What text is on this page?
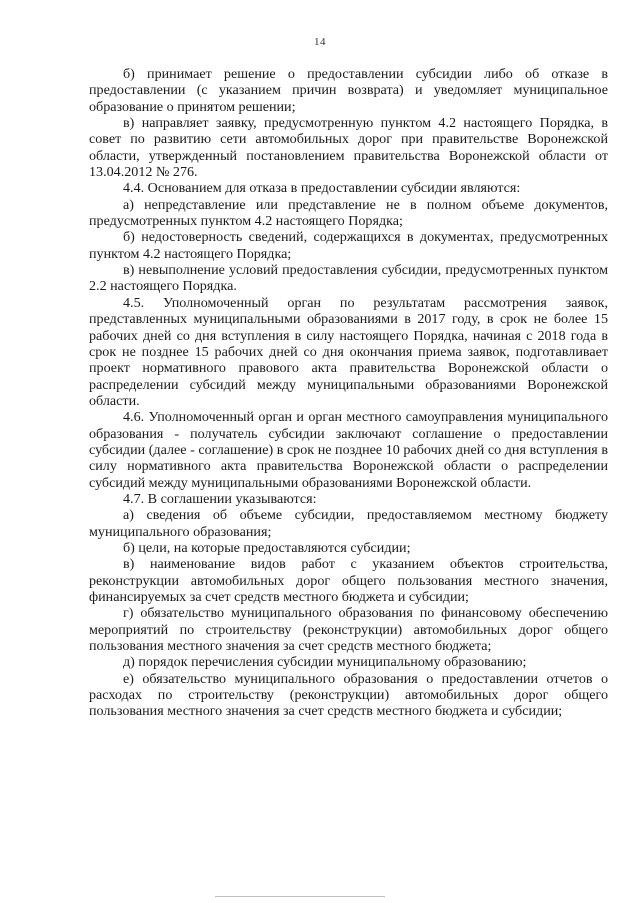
14

б) принимает решение о предоставлении субсидии либо об отказе в предоставлении (с указанием причин возврата) и уведомляет муниципальное образование о принятом решении;

в) направляет заявку, предусмотренную пунктом 4.2 настоящего Порядка, в совет по развитию сети автомобильных дорог при правительстве Воронежской области, утвержденный постановлением правительства Воронежской области от 13.04.2012 № 276.

4.4. Основанием для отказа в предоставлении субсидии являются:

а) непредставление или представление не в полном объеме документов, предусмотренных пунктом 4.2 настоящего Порядка;

б) недостоверность сведений, содержащихся в документах, предусмотренных пунктом 4.2 настоящего Порядка;

в) невыполнение условий предоставления субсидии, предусмотренных пунктом 2.2 настоящего Порядка.

4.5. Уполномоченный орган по результатам рассмотрения заявок, представленных муниципальными образованиями в 2017 году, в срок не более 15 рабочих дней со дня вступления в силу настоящего Порядка, начиная с 2018 года в срок не позднее 15 рабочих дней со дня окончания приема заявок, подготавливает проект нормативного правового акта правительства Воронежской области о распределении субсидий между муниципальными образованиями Воронежской области.

4.6. Уполномоченный орган и орган местного самоуправления муниципального образования - получатель субсидии заключают соглашение о предоставлении субсидии (далее - соглашение) в срок не позднее 10 рабочих дней со дня вступления в силу нормативного акта правительства Воронежской области о распределении субсидий между муниципальными образованиями Воронежской области.

4.7. В соглашении указываются:

а) сведения об объеме субсидии, предоставляемом местному бюджету муниципального образования;

б) цели, на которые предоставляются субсидии;

в) наименование видов работ с указанием объектов строительства, реконструкции автомобильных дорог общего пользования местного значения, финансируемых за счет средств местного бюджета и субсидии;

г) обязательство муниципального образования по финансовому обеспечению мероприятий по строительству (реконструкции) автомобильных дорог общего пользования местного значения за счет средств местного бюджета;

д) порядок перечисления субсидии муниципальному образованию;

е) обязательство муниципального образования о предоставлении отчетов о расходах по строительству (реконструкции) автомобильных дорог общего пользования местного значения за счет средств местного бюджета и субсидии;
